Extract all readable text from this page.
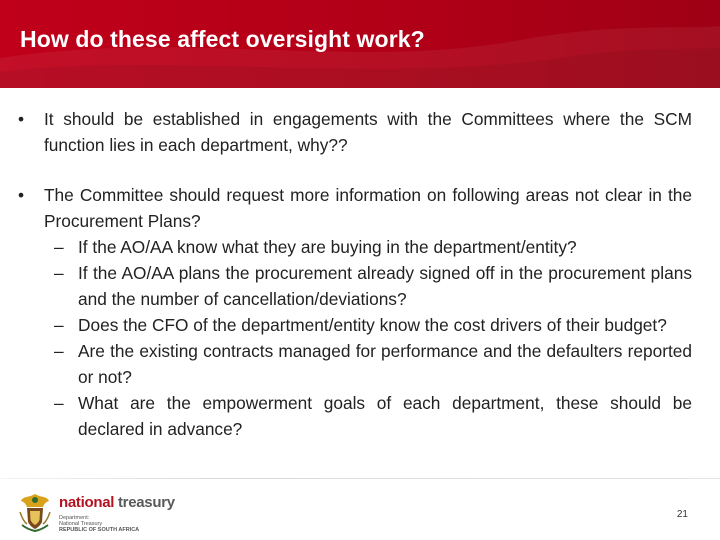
How do these affect oversight work?
• It should be established in engagements with the Committees where the SCM function lies in each department, why??
• The Committee should request more information on following areas not clear in the Procurement Plans?
– If the AO/AA know what they are buying in the department/entity?
– If the AO/AA plans the procurement already signed off in the procurement plans and the number of cancellation/deviations?
– Does the CFO of the department/entity know the cost drivers of their budget?
– Are the existing contracts managed for performance and the defaulters reported or not?
– What are the empowerment goals of each department, these should be declared in advance?
national treasury
Department:
National Treasury
REPUBLIC OF SOUTH AFRICA
21
